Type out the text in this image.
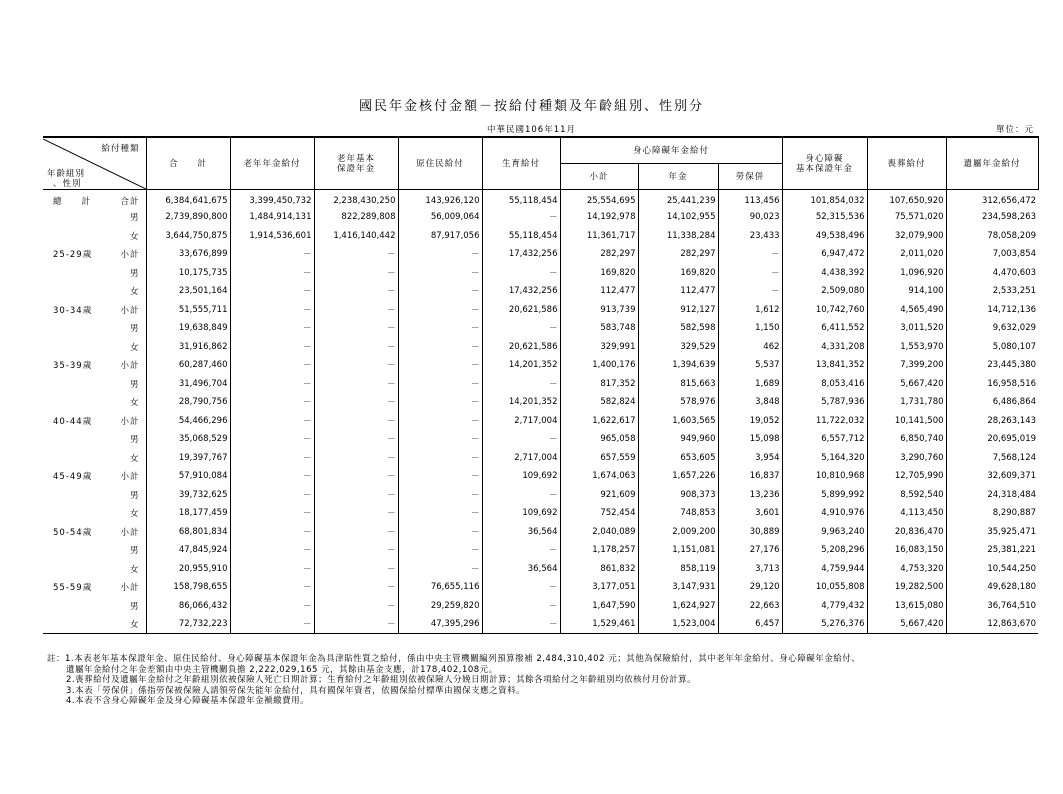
國民年金核付金額－按給付種類及年齡組別、性別分
中華民國106年11月	單位：元
給付種類
年齡組別
、性別		合　　計	老年年金給付	老年基本
保證年金	原住民給付	生育給付	身心障礙年金給付			身心障礙
基本保證年金	喪葬給付	遺屬年金給付
							小計	年金	勞保併			
總　　計	合計	6,384,641,675	3,399,450,732	2,238,430,250	143,926,120	55,118,454	25,554,695	25,441,239	113,456	101,854,032	107,650,920	312,656,472
	男	2,739,890,800	1,484,914,131	822,289,808	56,009,064	－	14,192,978	14,102,955	90,023	52,315,536	75,571,020	234,598,263
	女	3,644,750,875	1,914,536,601	1,416,140,442	87,917,056	55,118,454	11,361,717	11,338,284	23,433	49,538,496	32,079,900	78,058,209
25-29歲	小計	33,676,899	－	－	－	17,432,256	282,297	282,297	－	6,947,472	2,011,020	7,003,854
	男	10,175,735	－	－	－	－	169,820	169,820	－	4,438,392	1,096,920	4,470,603
	女	23,501,164	－	－	－	17,432,256	112,477	112,477	－	2,509,080	914,100	2,533,251
30-34歲	小計	51,555,711	－	－	－	20,621,586	913,739	912,127	1,612	10,742,760	4,565,490	14,712,136
	男	19,638,849	－	－	－	－	583,748	582,598	1,150	6,411,552	3,011,520	9,632,029
	女	31,916,862	－	－	－	20,621,586	329,991	329,529	462	4,331,208	1,553,970	5,080,107
35-39歲	小計	60,287,460	－	－	－	14,201,352	1,400,176	1,394,639	5,537	13,841,352	7,399,200	23,445,380
	男	31,496,704	－	－	－	－	817,352	815,663	1,689	8,053,416	5,667,420	16,958,516
	女	28,790,756	－	－	－	14,201,352	582,824	578,976	3,848	5,787,936	1,731,780	6,486,864
40-44歲	小計	54,466,296	－	－	－	2,717,004	1,622,617	1,603,565	19,052	11,722,032	10,141,500	28,263,143
	男	35,068,529	－	－	－	－	965,058	949,960	15,098	6,557,712	6,850,740	20,695,019
	女	19,397,767	－	－	－	2,717,004	657,559	653,605	3,954	5,164,320	3,290,760	7,568,124
45-49歲	小計	57,910,084	－	－	－	109,692	1,674,063	1,657,226	16,837	10,810,968	12,705,990	32,609,371
	男	39,732,625	－	－	－	－	921,609	908,373	13,236	5,899,992	8,592,540	24,318,484
	女	18,177,459	－	－	－	109,692	752,454	748,853	3,601	4,910,976	4,113,450	8,290,887
50-54歲	小計	68,801,834	－	－	－	36,564	2,040,089	2,009,200	30,889	9,963,240	20,836,470	35,925,471
	男	47,845,924	－	－	－	－	1,178,257	1,151,081	27,176	5,208,296	16,083,150	25,381,221
	女	20,955,910	－	－	－	36,564	861,832	858,119	3,713	4,759,944	4,753,320	10,544,250
55-59歲	小計	158,798,655	－	－	76,655,116	－	3,177,051	3,147,931	29,120	10,055,808	19,282,500	49,628,180
	男	86,066,432	－	－	29,259,820	－	1,647,590	1,624,927	22,663	4,779,432	13,615,080	36,764,510
	女	72,732,223	－	－	47,395,296	－	1,529,461	1,523,004	6,457	5,276,376	5,667,420	12,863,670
註：1.本表老年基本保證年金、原住民給付、身心障礙基本保證年金為具津貼性質之給付，係由中央主管機關編列預算撥補 2,484,310,402 元；其他為保險給付，其中老年年金給付、身心障礙年金給付、
遺屬年金給付之年金差額由中央主管機關負擔 2,222,029,165 元，其餘由基金支應，計178,402,108元。
2.喪葬給付及遺屬年金給付之年齡組別依被保險人死亡日期計算；生育給付之年齡組別依被保險人分娩日期計算；其餘各項給付之年齡組別均依核付月份計算。
3.本表「勞保併」係指勞保被保險人請領勞保失能年金給付，具有國保年資者，依國保給付標準由國保支應之資料。
4.本表不含身心障礙年金及身心障礙基本保證年金褫繳費用。
